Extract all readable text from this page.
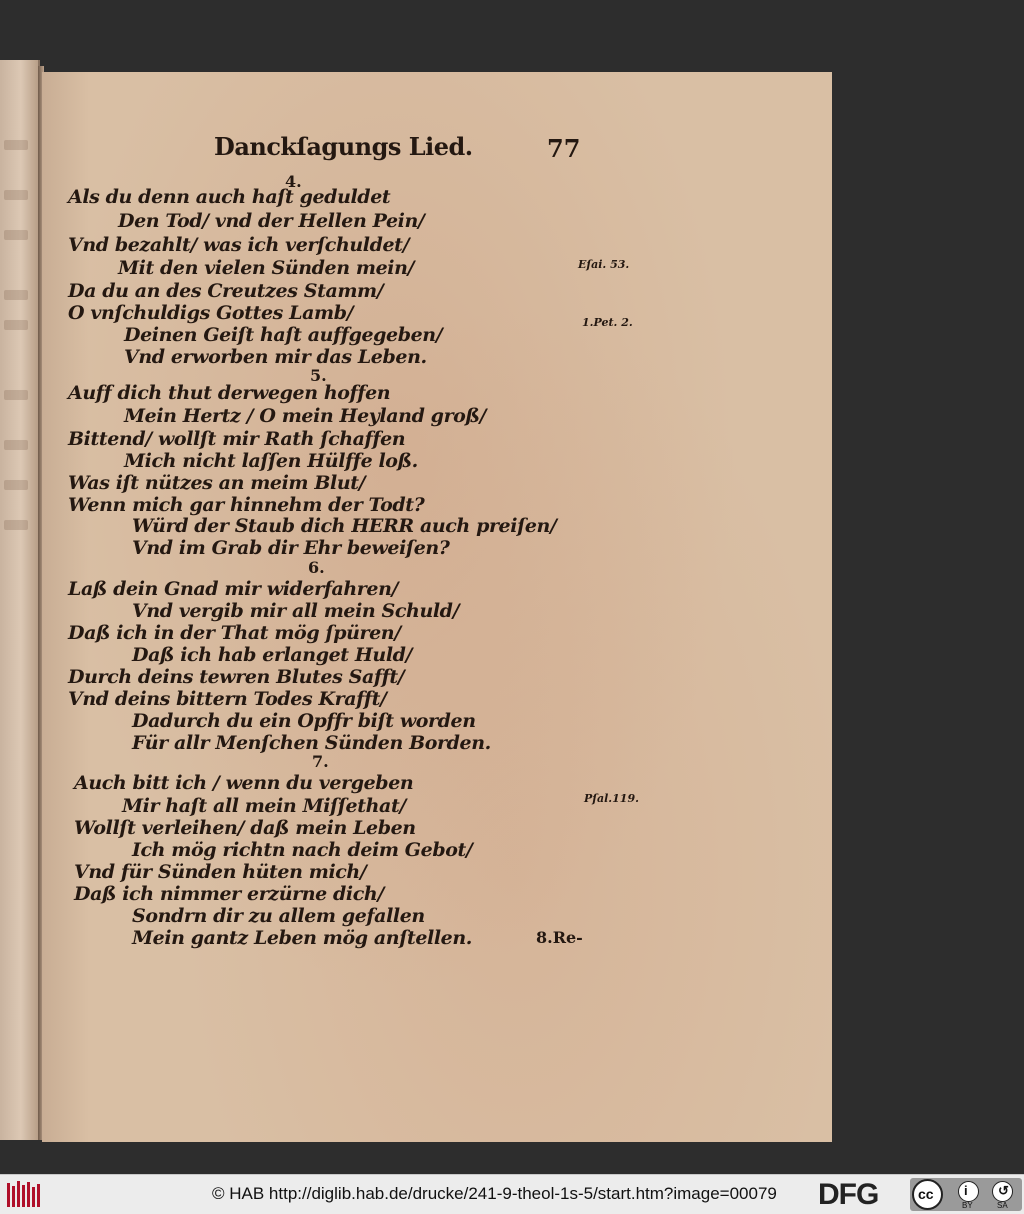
Danckſagungs Lied.	77
4.
Als du denn auch haſt geduldet
Den Tod/ vnd der Hellen Pein/
Vnd bezahlt/ was ich verſchuldet/
Mit den vielen Sünden mein/
Da du an des Creutzes Stamm/
O vnſchuldigs Gottes Lamb/
Deinen Geiſt haſt auffgegeben/
Vnd erworben mir das Leben.
5.
Auff dich thut derwegen hoffen
Mein Hertz / O mein Heyland groß/
Bittend/ wollſt mir Rath ſchaffen
Mich nicht laſſen Hülffe loß.
Was iſt nützes an meim Blut/
Wenn mich gar hinnehm der Todt?
Würd der Staub dich HERR auch preiſen/
Vnd im Grab dir Ehr beweiſen?
6.
Laß dein Gnad mir widerfahren/
Vnd vergib mir all mein Schuld/
Daß ich in der That mög ſpüren/
Daß ich hab erlanget Huld/
Durch deins tewren Blutes Safft/
Vnd deins bittern Todes Krafft/
Dadurch du ein Opffr biſt worden
Für allr Menſchen Sünden Borden.
7.
Auch bitt ich / wenn du vergeben
Mir haſt all mein Miſſethat/
Wollſt verleihen/ daß mein Leben
Ich mög richtn nach deim Gebot/
Vnd für Sünden hüten mich/
Daß ich nimmer erzürne dich/
Sondrn dir zu allem gefallen
Mein gantz Leben mög anſtellen.
Eſai. 53.
1.Pet. 2.
Pſal.119.
8.Re-
© HAB http://diglib.hab.de/drucke/241-9-theol-1s-5/start.htm?image=00079 DFG	cc i ↺
BY	SA
